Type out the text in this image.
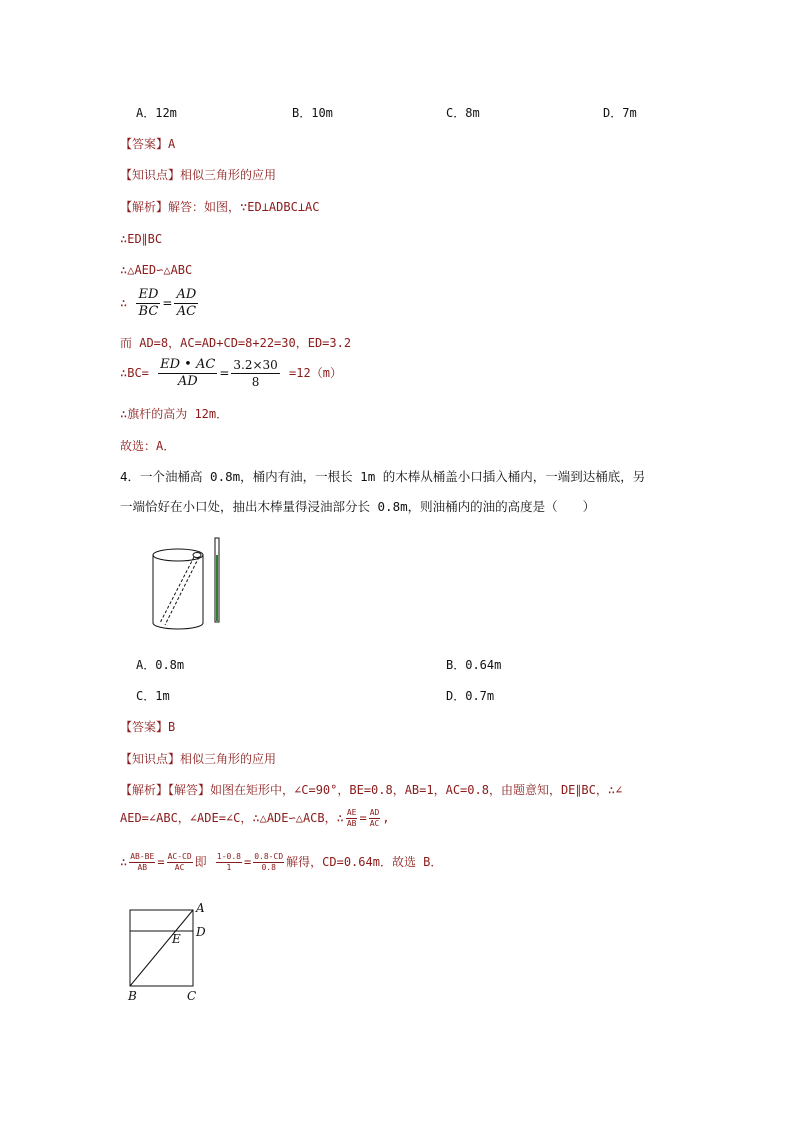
A．12m	B．10m	C．8m	D．7m
【答案】A
【知识点】相似三角形的应用
【解析】解答：如图，∵ED⊥ADBC⊥AC
∴ED∥BC
∴△AED∽△ABC
∴ $\frac{ED}{BC} = \frac{AD}{AC}$
而 AD=8，AC=AD+CD=8+22=30，ED=3.2
∴BC= $\frac{ED • AC}{AD} = \frac{3.2\times 30}{8} =12(m)$
∴旗杆的高为 12m．
故选：A．
4．一个油桶高 0.8m，桶内有油，一根长 1m 的木棒从桶盖小口插入桶内，一端到达桶底，另
一端恰好在小口处，抽出木棒量得浸油部分长 0.8m，则油桶内的油的高度是（　　）
A．0.8m	B．0.64m
C．1m	D．0.7m
【答案】B
【知识点】相似三角形的应用
【解析】【解答】如图在矩形中，∠C=90°，BE=0.8，AB=1，AC=0.8，由题意知，DE∥BC，∴∠
AED=∠ABC，∠ADE=∠C，∴△ADE∽△ACB，∴ $\frac{AE}{AB} = \frac{AD}{AC}$ ,
∴ $\frac{AB-BE}{AB} = \frac{AC-CD}{AC}$ 即 $\frac{1-0.8}{1} = \frac{0.8-CD}{0.8}$ 解得，CD=0.64m．故选 B．
A
D
E
B	C
